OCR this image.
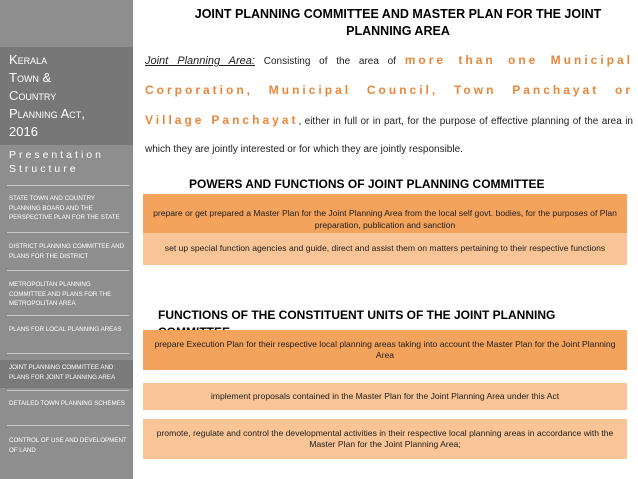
Kerala
Town &
Country
Planning Act,
2016
Presentation
Structure
STATE TOWN AND COUNTRY PLANNING BOARD AND THE PERSPECTIVE PLAN FOR THE STATE
DISTRICT PLANNING COMMITTEE AND PLANS FOR THE DISTRICT
METROPOLITAN PLANNING COMMITTEE AND PLANS FOR THE METROPOLITAN AREA
PLANS FOR LOCAL PLANNING AREAS
JOINT PLANNING COMMITTEE AND PLANS FOR JOINT PLANNING AREA
DETAILED TOWN PLANNING SCHEMES
CONTROL OF USE AND DEVELOPMENT OF LAND
JOINT PLANNING COMMITTEE AND MASTER PLAN FOR THE JOINT PLANNING AREA
Joint Planning Area: Consisting of the area of more than one Municipal Corporation, Municipal Council, Town Panchayat or Village Panchayat, either in full or in part, for the purpose of effective planning of the area in which they are jointly interested or for which they are jointly responsible.
POWERS AND FUNCTIONS OF JOINT PLANNING COMMITTEE
prepare or get prepared a Master Plan for the Joint Planning Area from the local self govt. bodies, for the purposes of Plan preparation, publication and sanction
set up special function agencies and guide, direct and assist them on matters pertaining to their respective functions
FUNCTIONS OF THE CONSTITUENT UNITS OF THE JOINT PLANNING
prepare Execution Plan for their respective local planning areas taking into account the Master Plan for the Joint Planning Area
implement proposals contained in the Master Plan for the Joint Planning Area under this Act
promote, regulate and control the developmental activities in their respective local planning areas in accordance with the Master Plan for the Joint Planning Area;
